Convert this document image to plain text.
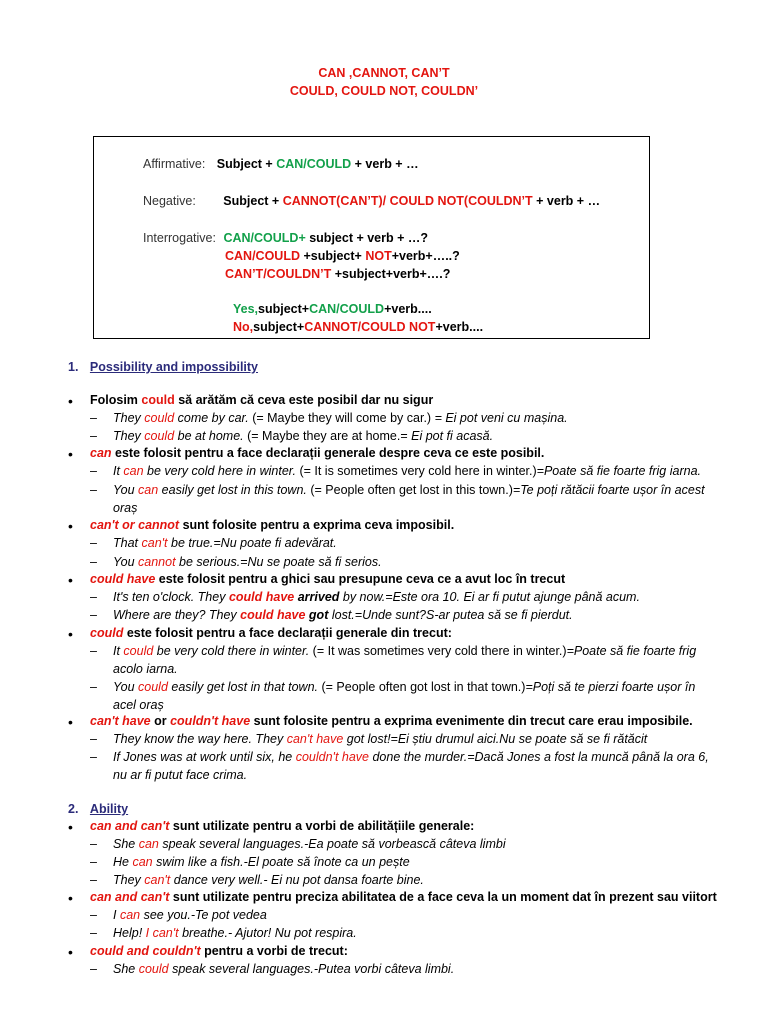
CAN ,CANNOT, CAN’T
COULD, COULD NOT, COULDN’
Affirmative: Subject + CAN/COULD + verb + …
Negative: Subject + CANNOT(CAN’T)/ COULD NOT(COULDN’T + verb + …
Interrogative: CAN/COULD+ subject + verb + …?
CAN/COULD +subject+ NOT+verb+…..?
CAN’T/COULDN’T +subject+verb+….?
Yes,subject+CAN/COULD+verb....
No,subject+CANNOT/COULD NOT+verb....
1. Possibility and impossibility
• Folosim could să arătăm că ceva este posibil dar nu sigur
– They could come by car. (= Maybe they will come by car.) = Ei pot veni cu mașina.
– They could be at home. (= Maybe they are at home.= Ei pot fi acasă.
• can este folosit pentru a face declarații generale despre ceva ce este posibil.
– It can be very cold here in winter. (= It is sometimes very cold here in winter.)=Poate să fie foarte frig iarna.
– You can easily get lost in this town. (= People often get lost in this town.)=Te poți rătăcii foarte ușor în acest
oraș
• can't or cannot sunt folosite pentru a exprima ceva imposibil.
– That can't be true.=Nu poate fi adevărat.
– You cannot be serious.=Nu se poate să fi serios.
• could have este folosit pentru a ghici sau presupune ceva ce a avut loc în trecut
– It's ten o'clock. They could have arrived by now.=Este ora 10. Ei ar fi putut ajunge până acum.
– Where are they? They could have got lost.=Unde sunt?S-ar putea să se fi pierdut.
• could este folosit pentru a face declarații generale din trecut:
– It could be very cold there in winter. (= It was sometimes very cold there in winter.)=Poate să fie foarte frig
acolo iarna.
– You could easily get lost in that town. (= People often got lost in that town.)=Poți să te pierzi foarte ușor în
acel oraș
• can't have or couldn't have sunt folosite pentru a exprima evenimente din trecut care erau imposibile.
– They know the way here. They can't have got lost!=Ei știu drumul aici.Nu se poate să se fi rătăcit
– If Jones was at work until six, he couldn't have done the murder.=Dacă Jones a fost la muncă până la ora 6,
nu ar fi putut face crima.
2. Ability
• can and can't sunt utilizate pentru a vorbi de abilitățiile generale:
– She can speak several languages.-Ea poate să vorbească câteva limbi
– He can swim like a fish.-El poate să înote ca un pește
– They can't dance very well.- Ei nu pot dansa foarte bine.
• can and can't sunt utilizate pentru preciza abilitatea de a face ceva la un moment dat în prezent sau viitort
– I can see you.-Te pot vedea
– Help! I can't breathe.- Ajutor! Nu pot respira.
• could and couldn't pentru a vorbi de trecut:
– She could speak several languages.-Putea vorbi câteva limbi.
